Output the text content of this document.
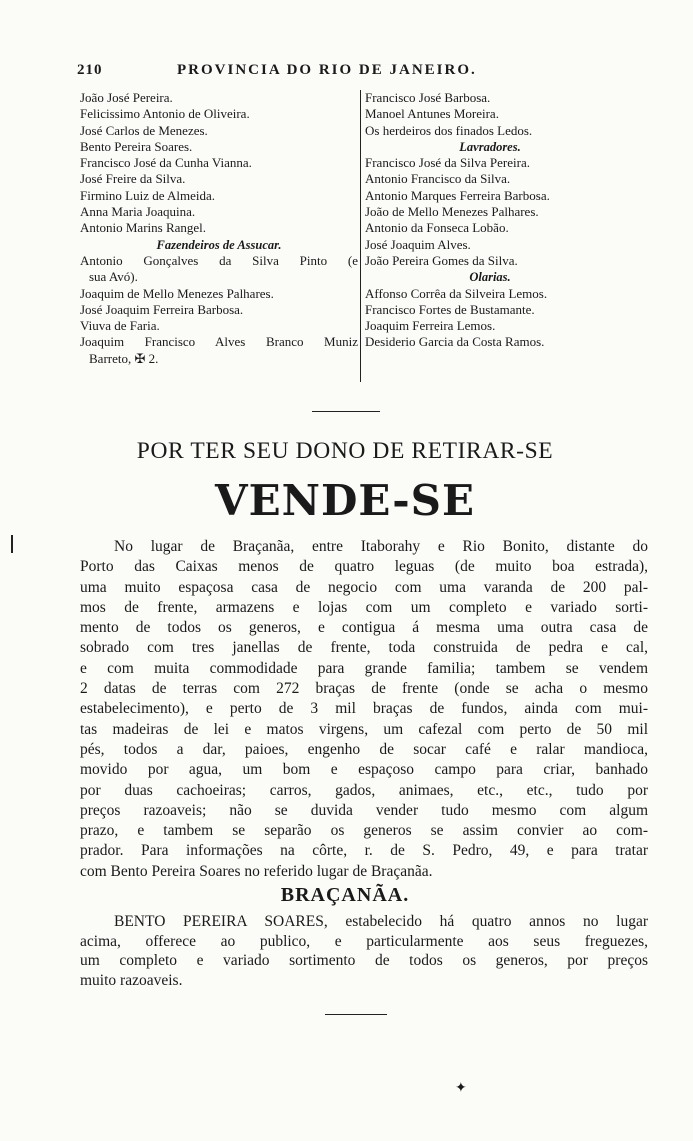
210	PROVINCIA DO RIO DE JANEIRO.
João José Pereira.
Felicissimo Antonio de Oliveira.
José Carlos de Menezes.
Bento Pereira Soares.
Francisco José da Cunha Vianna.
José Freire da Silva.
Firmino Luiz de Almeida.
Anna Maria Joaquina.
Antonio Marins Rangel.
Fazendeiros de Assucar.
Antonio Gonçalves da Silva Pinto (e
sua Avó).
Joaquim de Mello Menezes Palhares.
José Joaquim Ferreira Barbosa.
Viuva de Faria.
Joaquim Francisco Alves Branco Muniz
Barreto, ✠ 2.
Francisco José Barbosa.
Manoel Antunes Moreira.
Os herdeiros dos finados Ledos.
Lavradores.
Francisco José da Silva Pereira.
Antonio Francisco da Silva.
Antonio Marques Ferreira Barbosa.
João de Mello Menezes Palhares.
Antonio da Fonseca Lobão.
José Joaquim Alves.
João Pereira Gomes da Silva.
Olarias.
Affonso Corrêa da Silveira Lemos.
Francisco Fortes de Bustamante.
Joaquim Ferreira Lemos.
Desiderio Garcia da Costa Ramos.
POR TER SEU DONO DE RETIRAR-SE
VENDE-SE
No lugar de Braçanãa, entre Itaborahy e Rio Bonito, distante do
Porto das Caixas menos de quatro leguas (de muito boa estrada),
uma muito espaçosa casa de negocio com uma varanda de 200 pal-
mos de frente, armazens e lojas com um completo e variado sorti-
mento de todos os generos, e contigua á mesma uma outra casa de
sobrado com tres janellas de frente, toda construida de pedra e cal,
e com muita commodidade para grande familia; tambem se vendem
2 datas de terras com 272 braças de frente (onde se acha o mesmo
estabelecimento), e perto de 3 mil braças de fundos, ainda com mui-
tas madeiras de lei e matos virgens, um cafezal com perto de 50 mil
pés, todos a dar, paioes, engenho de socar café e ralar mandioca,
movido por agua, um bom e espaçoso campo para criar, banhado
por duas cachoeiras; carros, gados, animaes, etc., etc., tudo por
preços razoaveis; não se duvida vender tudo mesmo com algum
prazo, e tambem se separão os generos se assim convier ao com-
prador. Para informações na côrte, r. de S. Pedro, 49, e para tratar
com Bento Pereira Soares no referido lugar de Braçanãa.
BRAÇANÃA.
BENTO PEREIRA SOARES, estabelecido há quatro annos no lugar
acima, offerece ao publico, e particularmente aos seus freguezes,
um completo e variado sortimento de todos os generos, por preços
muito razoaveis.
✦
